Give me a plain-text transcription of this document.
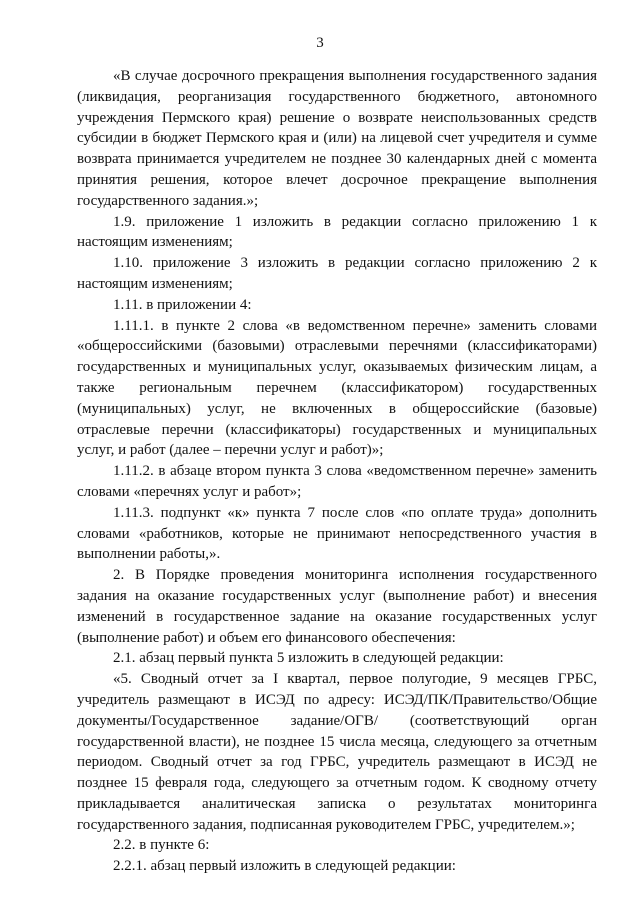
3

«В случае досрочного прекращения выполнения государственного задания (ликвидация, реорганизация государственного бюджетного, автономного учреждения Пермского края) решение о возврате неиспользованных средств субсидии в бюджет Пермского края и (или) на лицевой счет учредителя и сумме возврата принимается учредителем не позднее 30 календарных дней с момента принятия решения, которое влечет досрочное прекращение выполнения государственного задания.»;

1.9. приложение 1 изложить в редакции согласно приложению 1 к настоящим изменениям;

1.10. приложение 3 изложить в редакции согласно приложению 2 к настоящим изменениям;

1.11. в приложении 4:

1.11.1. в пункте 2 слова «в ведомственном перечне» заменить словами «общероссийскими (базовыми) отраслевыми перечнями (классификаторами) государственных и муниципальных услуг, оказываемых физическим лицам, а также региональным перечнем (классификатором) государственных (муниципальных) услуг, не включенных в общероссийские (базовые) отраслевые перечни (классификаторы) государственных и муниципальных услуг, и работ (далее – перечни услуг и работ)»;

1.11.2. в абзаце втором пункта 3 слова «ведомственном перечне» заменить словами «перечнях услуг и работ»;

1.11.3. подпункт «к» пункта 7 после слов «по оплате труда» дополнить словами «работников, которые не принимают непосредственного участия в выполнении работы,».

2. В Порядке проведения мониторинга исполнения государственного задания на оказание государственных услуг (выполнение работ) и внесения изменений в государственное задание на оказание государственных услуг (выполнение работ) и объем его финансового обеспечения:

2.1. абзац первый пункта 5 изложить в следующей редакции:

«5. Сводный отчет за I квартал, первое полугодие, 9 месяцев ГРБС, учредитель размещают в ИСЭД по адресу: ИСЭД/ПК/Правительство/Общие документы/Государственное задание/ОГВ/ (соответствующий орган государственной власти), не позднее 15 числа месяца, следующего за отчетным периодом. Сводный отчет за год ГРБС, учредитель размещают в ИСЭД не позднее 15 февраля года, следующего за отчетным годом. К сводному отчету прикладывается аналитическая записка о результатах мониторинга государственного задания, подписанная руководителем ГРБС, учредителем.»;

2.2. в пункте 6:

2.2.1. абзац первый изложить в следующей редакции:
